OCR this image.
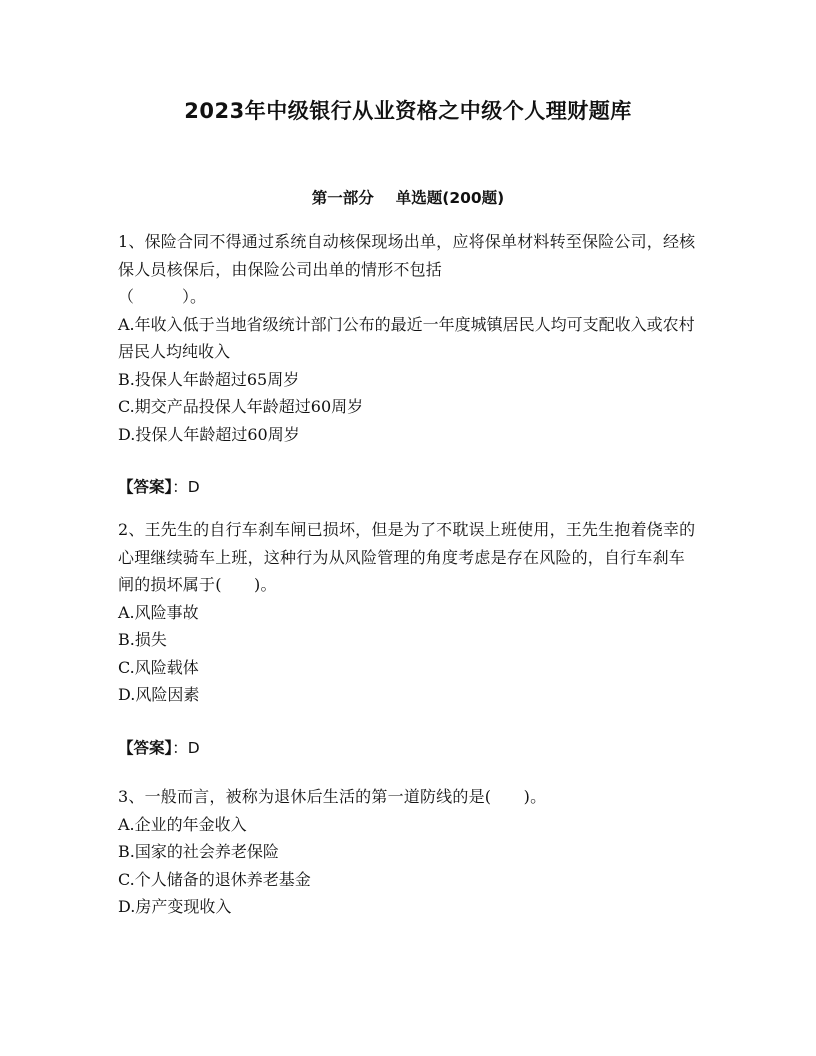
2023年中级银行从业资格之中级个人理财题库
第一部分 单选题(200题)

1、保险合同不得通过系统自动核保现场出单，应将保单材料转至保险公司，经核保人员核保后，由保险公司出单的情形不包括

（　　　）。

A.年收入低于当地省级统计部门公布的最近一年度城镇居民人均可支配收入或农村居民人均纯收入

B.投保人年龄超过65周岁

C.期交产品投保人年龄超过60周岁

D.投保人年龄超过60周岁

【答案】：D

2、王先生的自行车刹车闸已损坏，但是为了不耽误上班使用，王先生抱着侥幸的心理继续骑车上班，这种行为从风险管理的角度考虑是存在风险的，自行车刹车闸的损坏属于(　　)。

A.风险事故

B.损失

C.风险载体

D.风险因素

【答案】：D

3、一般而言，被称为退休后生活的第一道防线的是(　　)。

A.企业的年金收入

B.国家的社会养老保险

C.个人储备的退休养老基金

D.房产变现收入
